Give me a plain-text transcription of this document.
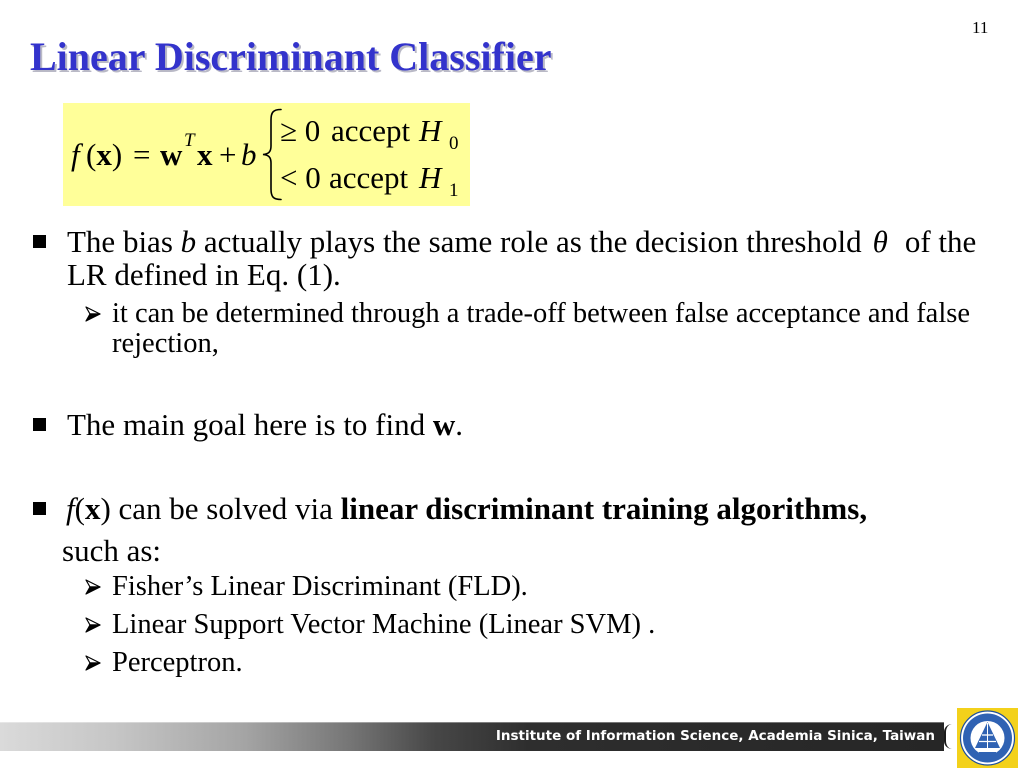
11
Linear Discriminant Classifier
f (x) = w T x + b
≥ 0 accept H 0
< 0 accept H 1
The bias b actually plays the same role as the decision threshold θ of the
LR defined in Eq. (1).
it can be determined through a trade-off between false acceptance and false
rejection,
The main goal here is to find w.
f(x) can be solved via linear discriminant training algorithms,
such as:
Fisher’s Linear Discriminant (FLD).
Linear Support Vector Machine (Linear SVM) .
Perceptron.
Institute of Information Science, Academia Sinica, Taiwan
